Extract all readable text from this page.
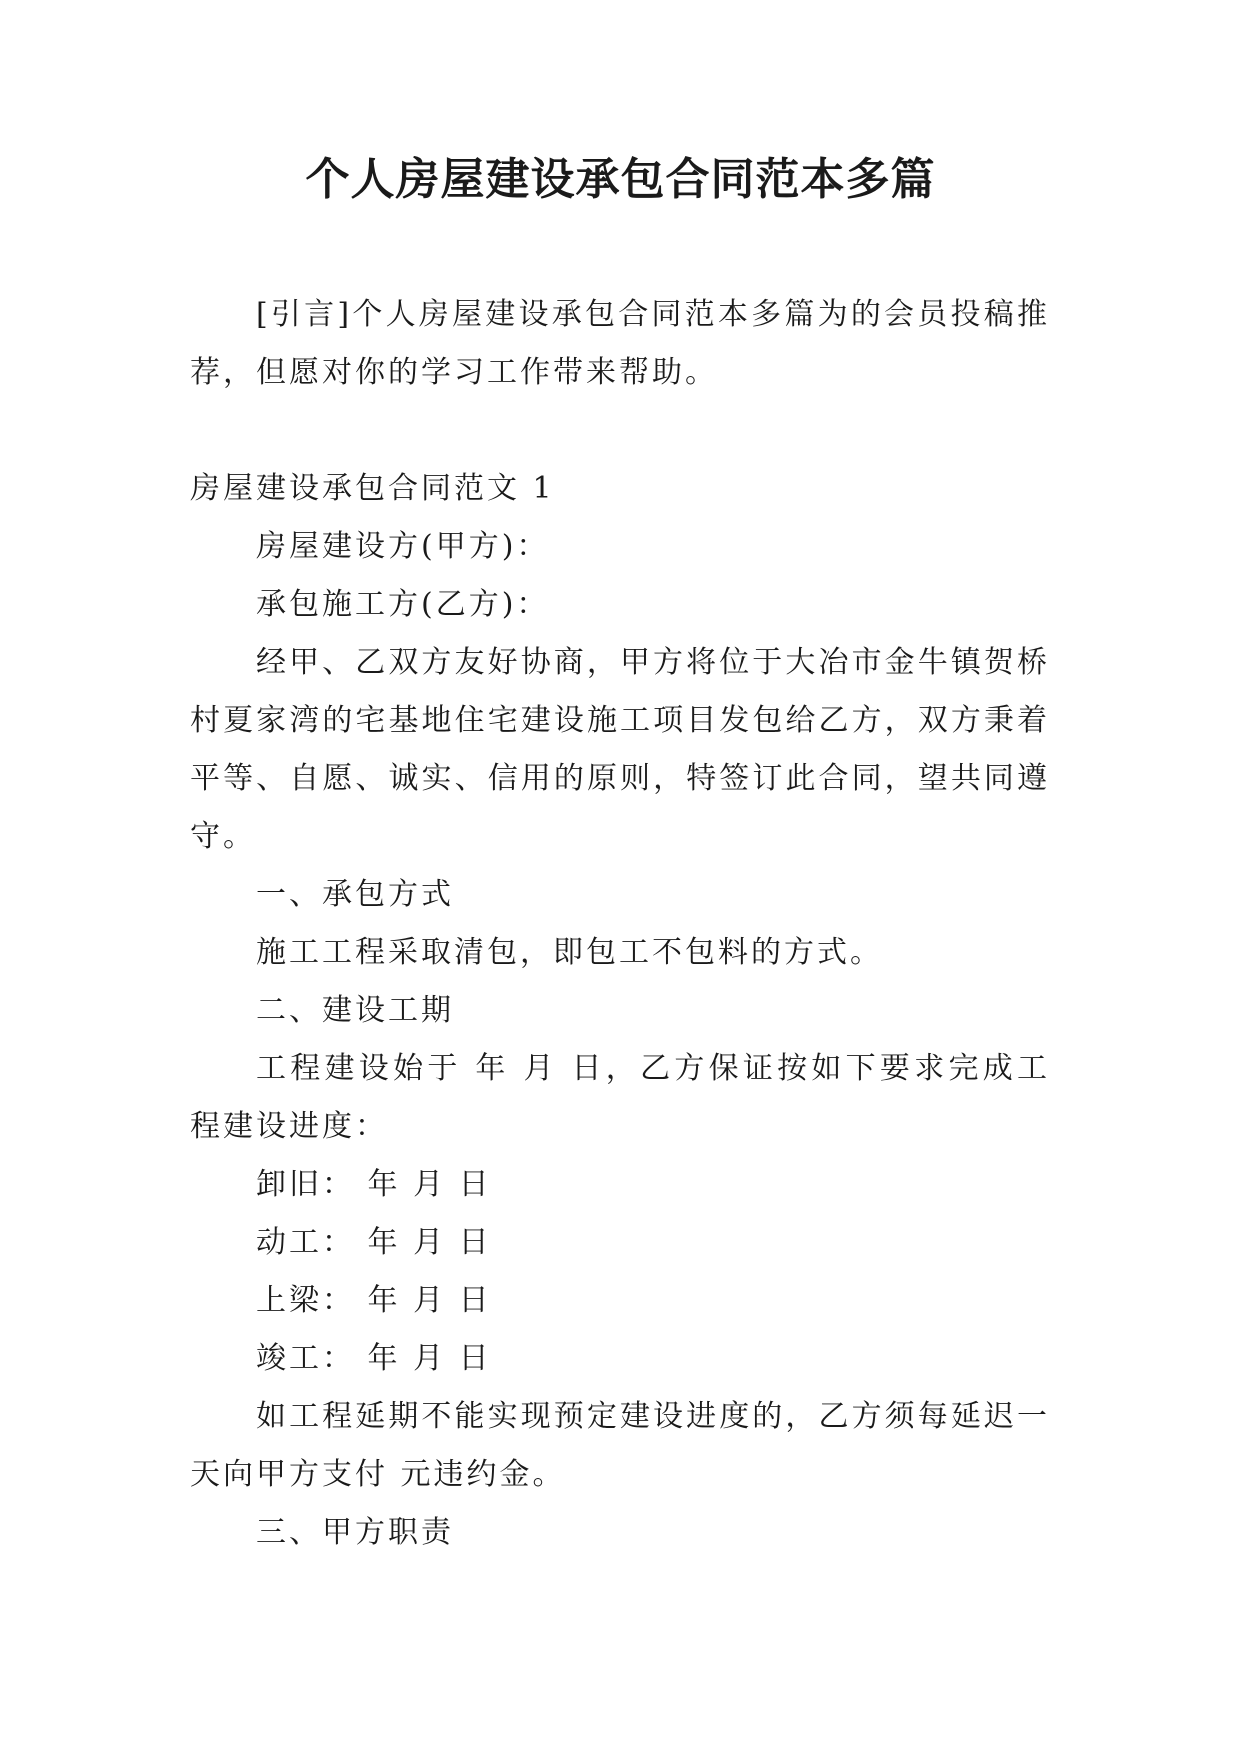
个人房屋建设承包合同范本多篇

[引言]个人房屋建设承包合同范本多篇为的会员投稿推荐，但愿对你的学习工作带来帮助。

房屋建设承包合同范文 1

房屋建设方(甲方)：

承包施工方(乙方)：

经甲、乙双方友好协商，甲方将位于大冶市金牛镇贺桥村夏家湾的宅基地住宅建设施工项目发包给乙方，双方秉着平等、自愿、诚实、信用的原则，特签订此合同，望共同遵守。

一、承包方式

施工工程采取清包，即包工不包料的方式。

二、建设工期

工程建设始于 年 月 日，乙方保证按如下要求完成工程建设进度：

卸旧： 年 月 日

动工： 年 月 日

上梁： 年 月 日

竣工： 年 月 日

如工程延期不能实现预定建设进度的，乙方须每延迟一天向甲方支付 元违约金。

三、甲方职责
